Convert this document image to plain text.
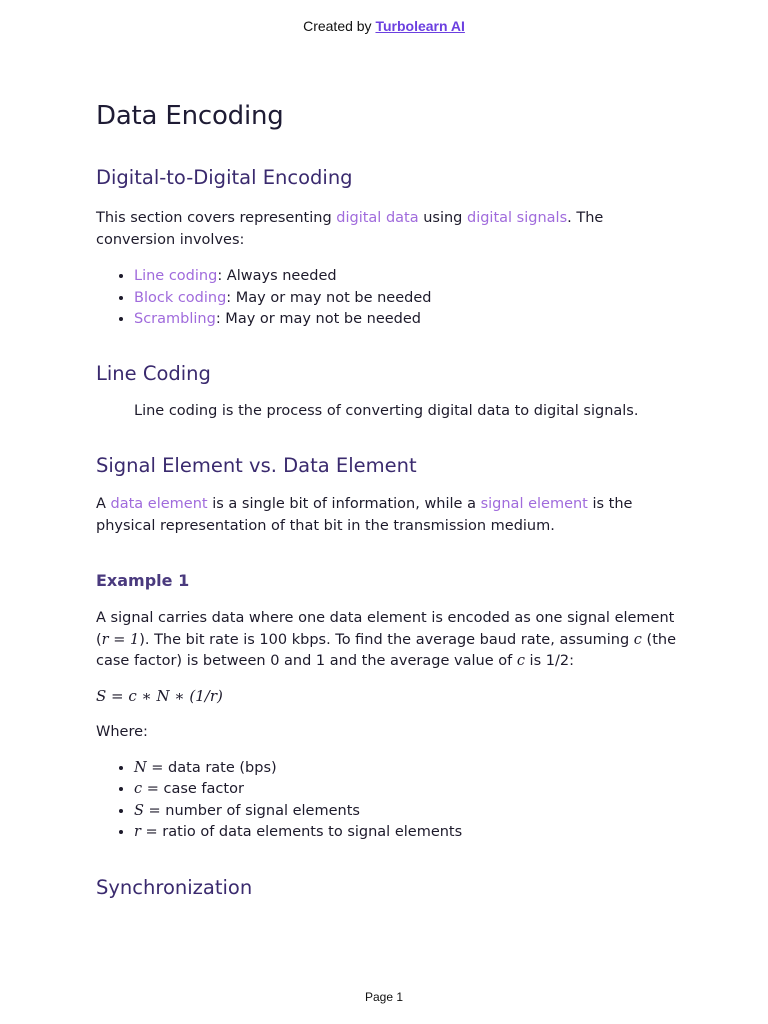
Created by Turbolearn AI
Data Encoding
Digital-to-Digital Encoding

This section covers representing digital data using digital signals. The conversion involves:

• Line coding: Always needed
• Block coding: May or may not be needed
• Scrambling: May or may not be needed
Line Coding

Line coding is the process of converting digital data to digital signals.

Signal Element vs. Data Element

A data element is a single bit of information, while a signal element is the physical representation of that bit in the transmission medium.

Example 1

A signal carries data where one data element is encoded as one signal element (r = 1). The bit rate is 100 kbps. To find the average baud rate, assuming c (the case factor) is between 0 and 1 and the average value of c is 1/2:

S = c ∗ N ∗ (1/r)

Where:

• N = data rate (bps)
• c = case factor
• S = number of signal elements
• r = ratio of data elements to signal elements
Synchronization
Page 1
